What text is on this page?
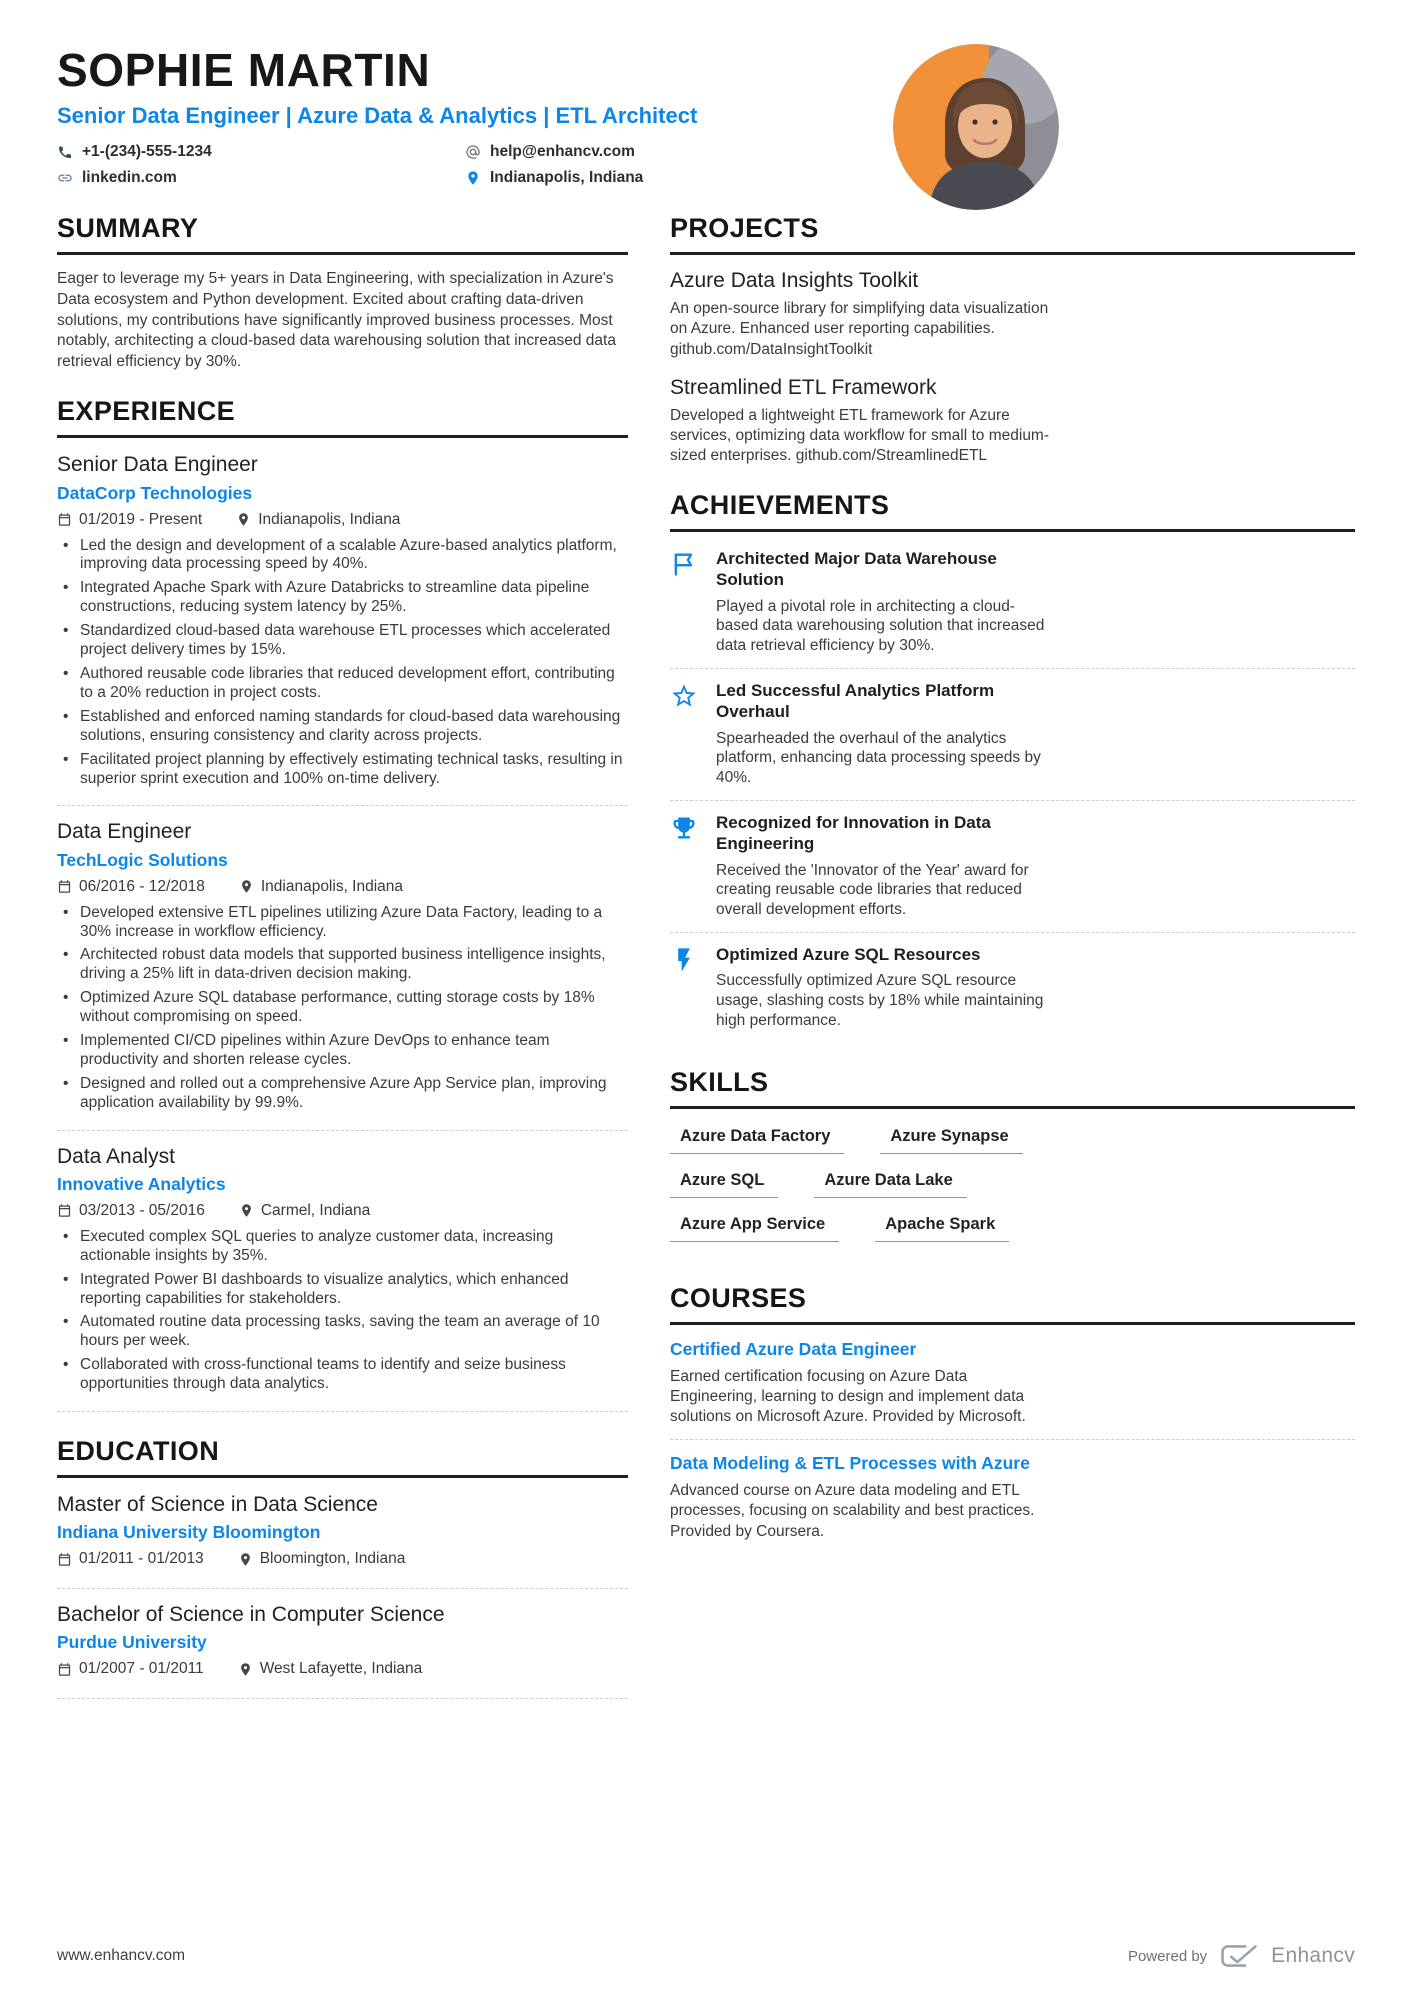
SOPHIE MARTIN
Senior Data Engineer | Azure Data & Analytics | ETL Architect
+1-(234)-555-1234	help@enhancv.com
linkedin.com	Indianapolis, Indiana
SUMMARY

Eager to leverage my 5+ years in Data Engineering, with specialization in Azure's Data ecosystem and Python development. Excited about crafting data-driven solutions, my contributions have significantly improved business processes. Most notably, architecting a cloud-based data warehousing solution that increased data retrieval efficiency by 30%.

EXPERIENCE
Senior Data Engineer
DataCorp Technologies
01/2019 - Present	Indianapolis, Indiana
• Led the design and development of a scalable Azure-based analytics platform, improving data processing speed by 40%.
• Integrated Apache Spark with Azure Databricks to streamline data pipeline constructions, reducing system latency by 25%.
• Standardized cloud-based data warehouse ETL processes which accelerated project delivery times by 15%.
• Authored reusable code libraries that reduced development effort, contributing to a 20% reduction in project costs.
• Established and enforced naming standards for cloud-based data warehousing solutions, ensuring consistency and clarity across projects.
• Facilitated project planning by effectively estimating technical tasks, resulting in superior sprint execution and 100% on-time delivery.
Data Engineer
TechLogic Solutions
06/2016 - 12/2018	Indianapolis, Indiana
• Developed extensive ETL pipelines utilizing Azure Data Factory, leading to a 30% increase in workflow efficiency.
• Architected robust data models that supported business intelligence insights, driving a 25% lift in data-driven decision making.
• Optimized Azure SQL database performance, cutting storage costs by 18% without compromising on speed.
• Implemented CI/CD pipelines within Azure DevOps to enhance team productivity and shorten release cycles.
• Designed and rolled out a comprehensive Azure App Service plan, improving application availability by 99.9%.
Data Analyst
Innovative Analytics
03/2013 - 05/2016	Carmel, Indiana
• Executed complex SQL queries to analyze customer data, increasing actionable insights by 35%.
• Integrated Power BI dashboards to visualize analytics, which enhanced reporting capabilities for stakeholders.
• Automated routine data processing tasks, saving the team an average of 10 hours per week.
• Collaborated with cross-functional teams to identify and seize business opportunities through data analytics.
EDUCATION
Master of Science in Data Science
Indiana University Bloomington
01/2011 - 01/2013	Bloomington, Indiana
Bachelor of Science in Computer Science
Purdue University
01/2007 - 01/2011	West Lafayette, Indiana
PROJECTS
Azure Data Insights Toolkit

An open-source library for simplifying data visualization on Azure. Enhanced user reporting capabilities. github.com/DataInsightToolkit

Streamlined ETL Framework

Developed a lightweight ETL framework for Azure services, optimizing data workflow for small to medium-sized enterprises. github.com/StreamlinedETL

ACHIEVEMENTS
Architected Major Data Warehouse Solution

Played a pivotal role in architecting a cloud-based data warehousing solution that increased data retrieval efficiency by 30%.

Led Successful Analytics Platform Overhaul

Spearheaded the overhaul of the analytics platform, enhancing data processing speeds by 40%.

Recognized for Innovation in Data Engineering

Received the 'Innovator of the Year' award for creating reusable code libraries that reduced overall development efforts.

Optimized Azure SQL Resources

Successfully optimized Azure SQL resource usage, slashing costs by 18% while maintaining high performance.

SKILLS
Azure Data Factory	Azure Synapse
Azure SQL	Azure Data Lake
Azure App Service	Apache Spark
COURSES
Certified Azure Data Engineer

Earned certification focusing on Azure Data Engineering, learning to design and implement data solutions on Microsoft Azure. Provided by Microsoft.

Data Modeling & ETL Processes with Azure

Advanced course on Azure data modeling and ETL processes, focusing on scalability and best practices. Provided by Coursera.

www.enhancv.com	Powered by	Enhancv
